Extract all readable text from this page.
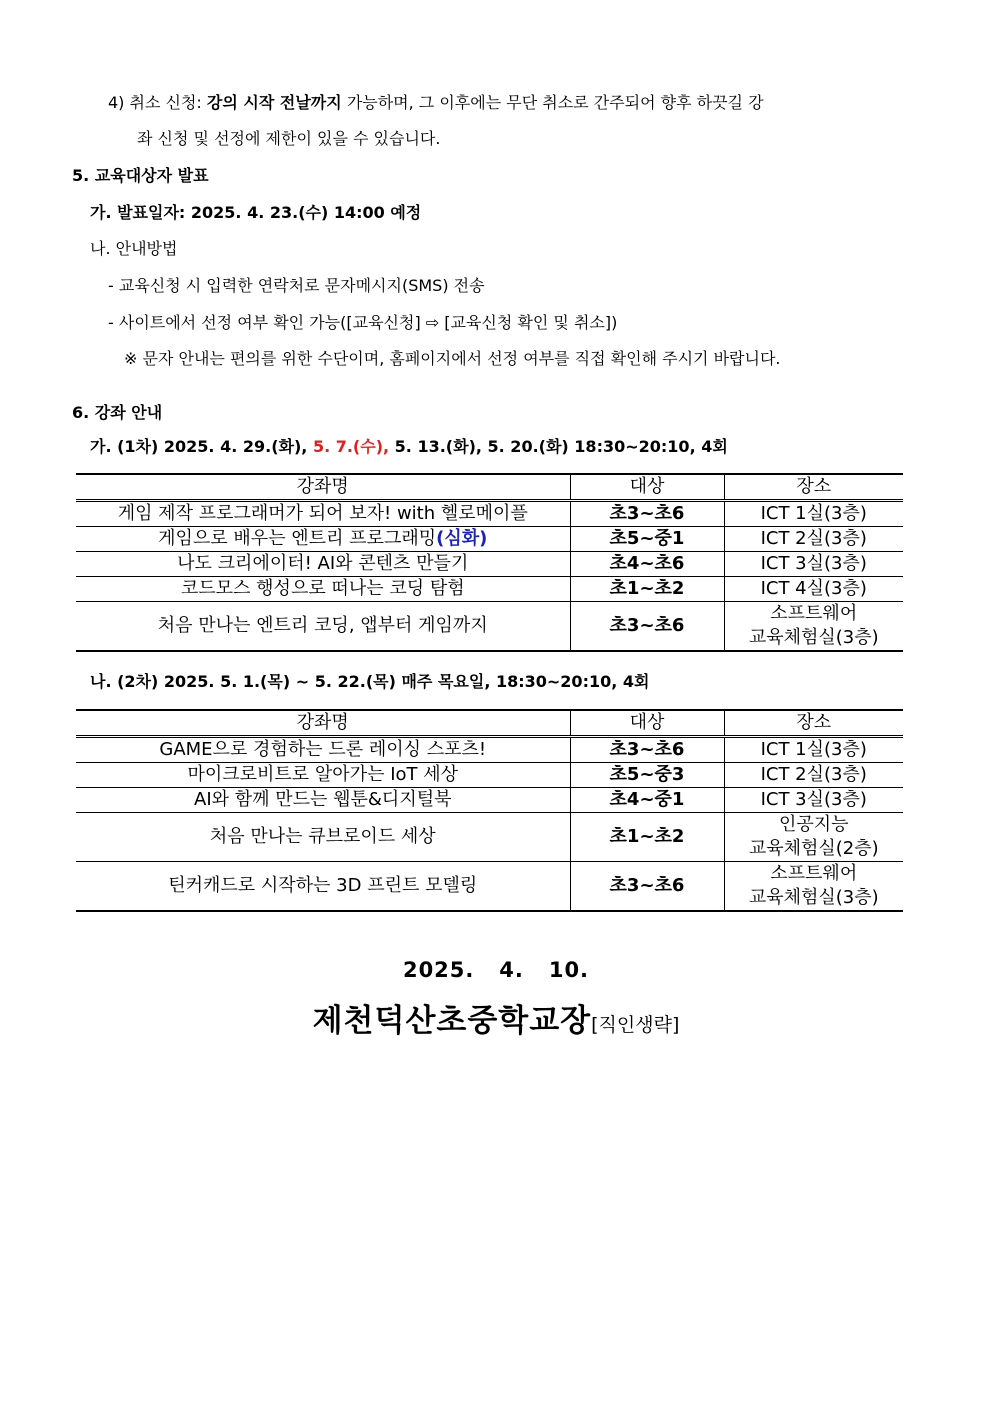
4) 취소 신청: 강의 시작 전날까지 가능하며, 그 이후에는 무단 취소로 간주되어 향후 하끗길 강
좌 신청 및 선정에 제한이 있을 수 있습니다.
5. 교육대상자 발표
가. 발표일자: 2025. 4. 23.(수) 14:00 예정
나. 안내방법
- 교육신청 시 입력한 연락처로 문자메시지(SMS) 전송
- 사이트에서 선정 여부 확인 가능([교육신청] ⇨ [교육신청 확인 및 취소])
※ 문자 안내는 편의를 위한 수단이며, 홈페이지에서 선정 여부를 직접 확인해 주시기 바랍니다.
6. 강좌 안내
가. (1차) 2025. 4. 29.(화), 5. 7.(수), 5. 13.(화), 5. 20.(화) 18:30~20:10, 4회
강좌명	대상	장소
게임 제작 프로그래머가 되어 보자! with 헬로메이플	초3~초6	ICT 1실(3층)
게임으로 배우는 엔트리 프로그래밍(심화)	초5~중1	ICT 2실(3층)
나도 크리에이터! AI와 콘텐츠 만들기	초4~초6	ICT 3실(3층)
코드모스 행성으로 떠나는 코딩 탐험	초1~초2	ICT 4실(3층)
처음 만나는 엔트리 코딩, 앱부터 게임까지	초3~초6	소프트웨어
교육체험실(3층)
나. (2차) 2025. 5. 1.(목) ~ 5. 22.(목) 매주 목요일, 18:30~20:10, 4회
강좌명	대상	장소
GAME으로 경험하는 드론 레이싱 스포츠!	초3~초6	ICT 1실(3층)
마이크로비트로 알아가는 IoT 세상	초5~중3	ICT 2실(3층)
AI와 함께 만드는 웹툰&디지털북	초4~중1	ICT 3실(3층)
처음 만나는 큐브로이드 세상	초1~초2	인공지능
교육체험실(2층)

틴커캐드로 시작하는 3D 프린트 모델링	초3~초6	소프트웨어
교육체험실(3층)
2025.   4.   10.
제천덕산초중학교장[직인생략]
